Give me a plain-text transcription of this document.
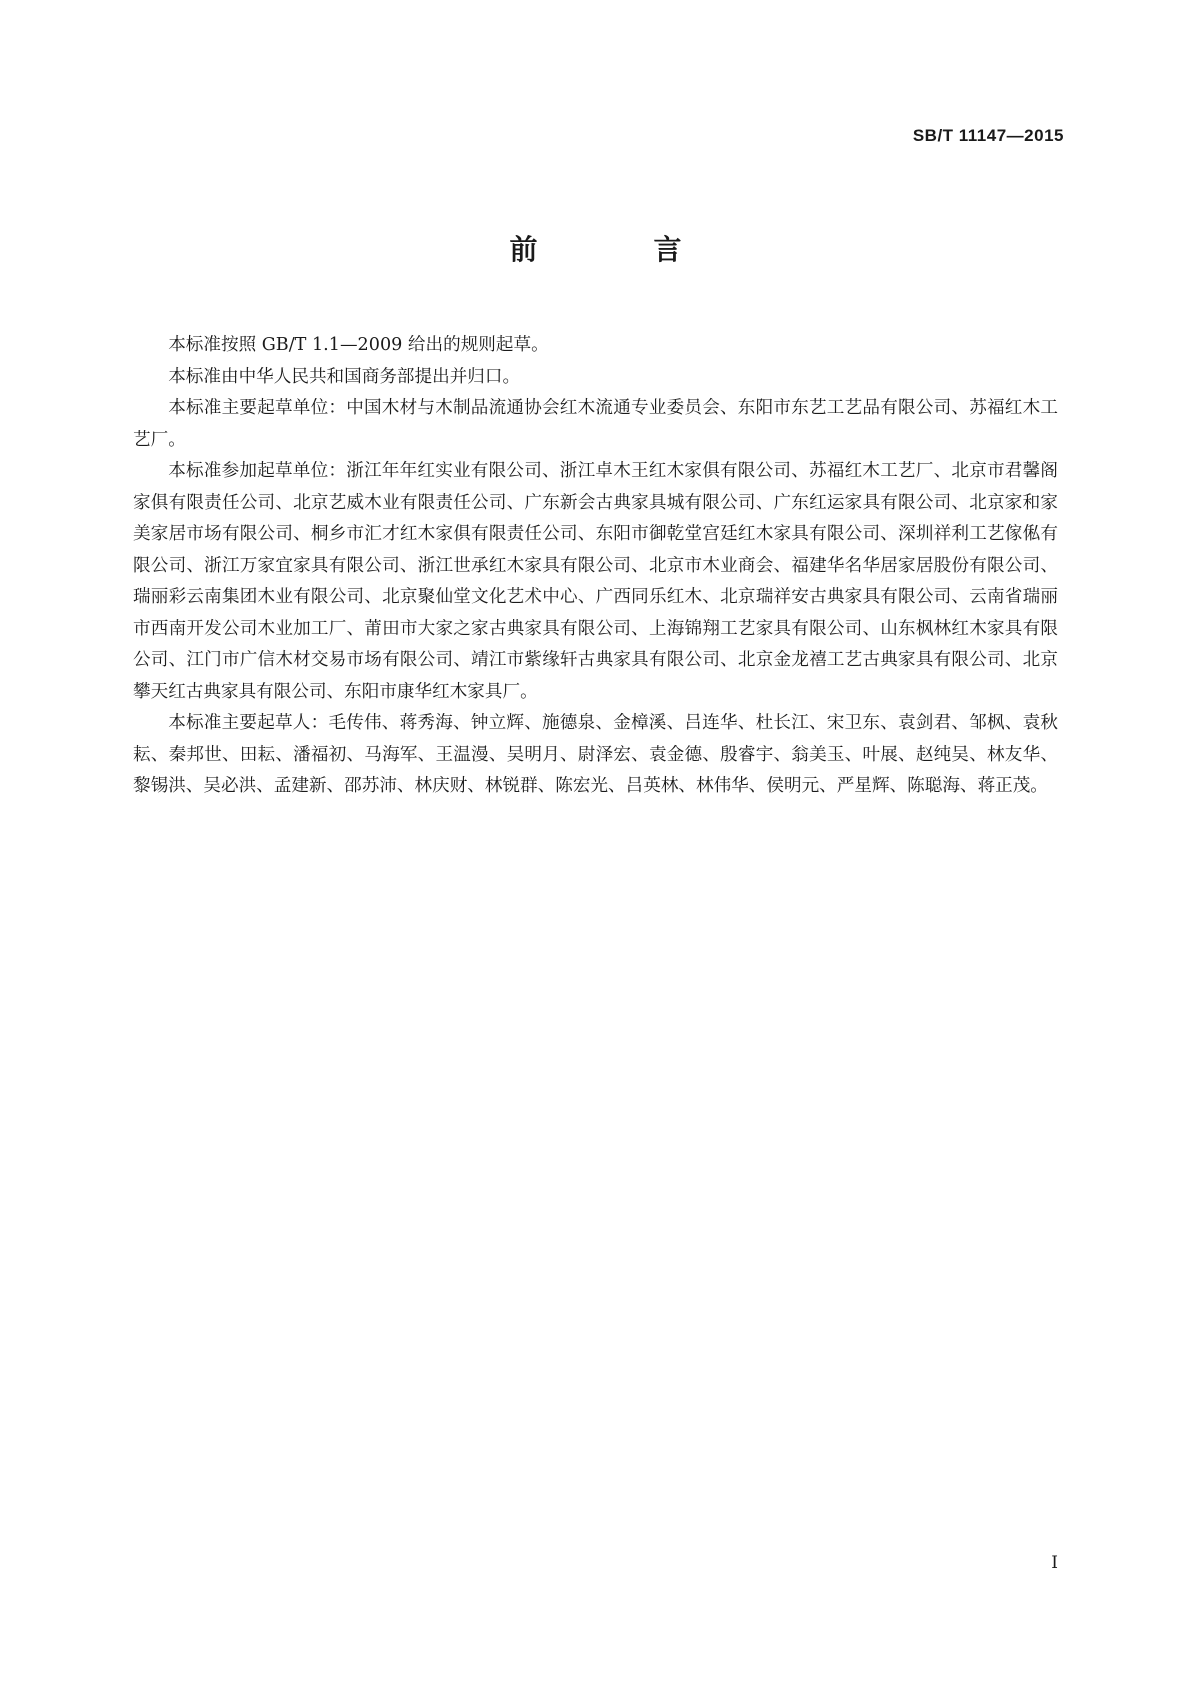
SB/T 11147—2015
前　言

本标准按照 GB/T 1.1—2009 给出的规则起草。

本标准由中华人民共和国商务部提出并归口。

本标准主要起草单位：中国木材与木制品流通协会红木流通专业委员会、东阳市东艺工艺品有限公司、苏福红木工艺厂。

本标准参加起草单位：浙江年年红实业有限公司、浙江卓木王红木家俱有限公司、苏福红木工艺厂、北京市君馨阁家俱有限责任公司、北京艺威木业有限责任公司、广东新会古典家具城有限公司、广东红运家具有限公司、北京家和家美家居市场有限公司、桐乡市汇才红木家俱有限责任公司、东阳市御乾堂宫廷红木家具有限公司、深圳祥利工艺傢俬有限公司、浙江万家宜家具有限公司、浙江世承红木家具有限公司、北京市木业商会、福建华名华居家居股份有限公司、瑞丽彩云南集团木业有限公司、北京聚仙堂文化艺术中心、广西同乐红木、北京瑞祥安古典家具有限公司、云南省瑞丽市西南开发公司木业加工厂、莆田市大家之家古典家具有限公司、上海锦翔工艺家具有限公司、山东枫林红木家具有限公司、江门市广信木材交易市场有限公司、靖江市紫缘轩古典家具有限公司、北京金龙禧工艺古典家具有限公司、北京攀天红古典家具有限公司、东阳市康华红木家具厂。

本标准主要起草人：毛传伟、蒋秀海、钟立辉、施德泉、金樟溪、吕连华、杜长江、宋卫东、袁剑君、邹枫、袁秋耘、秦邦世、田耘、潘福初、马海军、王温漫、吴明月、尉泽宏、袁金德、殷睿宇、翁美玉、叶展、赵纯吴、林友华、黎锡洪、吴必洪、孟建新、邵苏沛、林庆财、林锐群、陈宏光、吕英林、林伟华、侯明元、严星辉、陈聪海、蒋正茂。

I
